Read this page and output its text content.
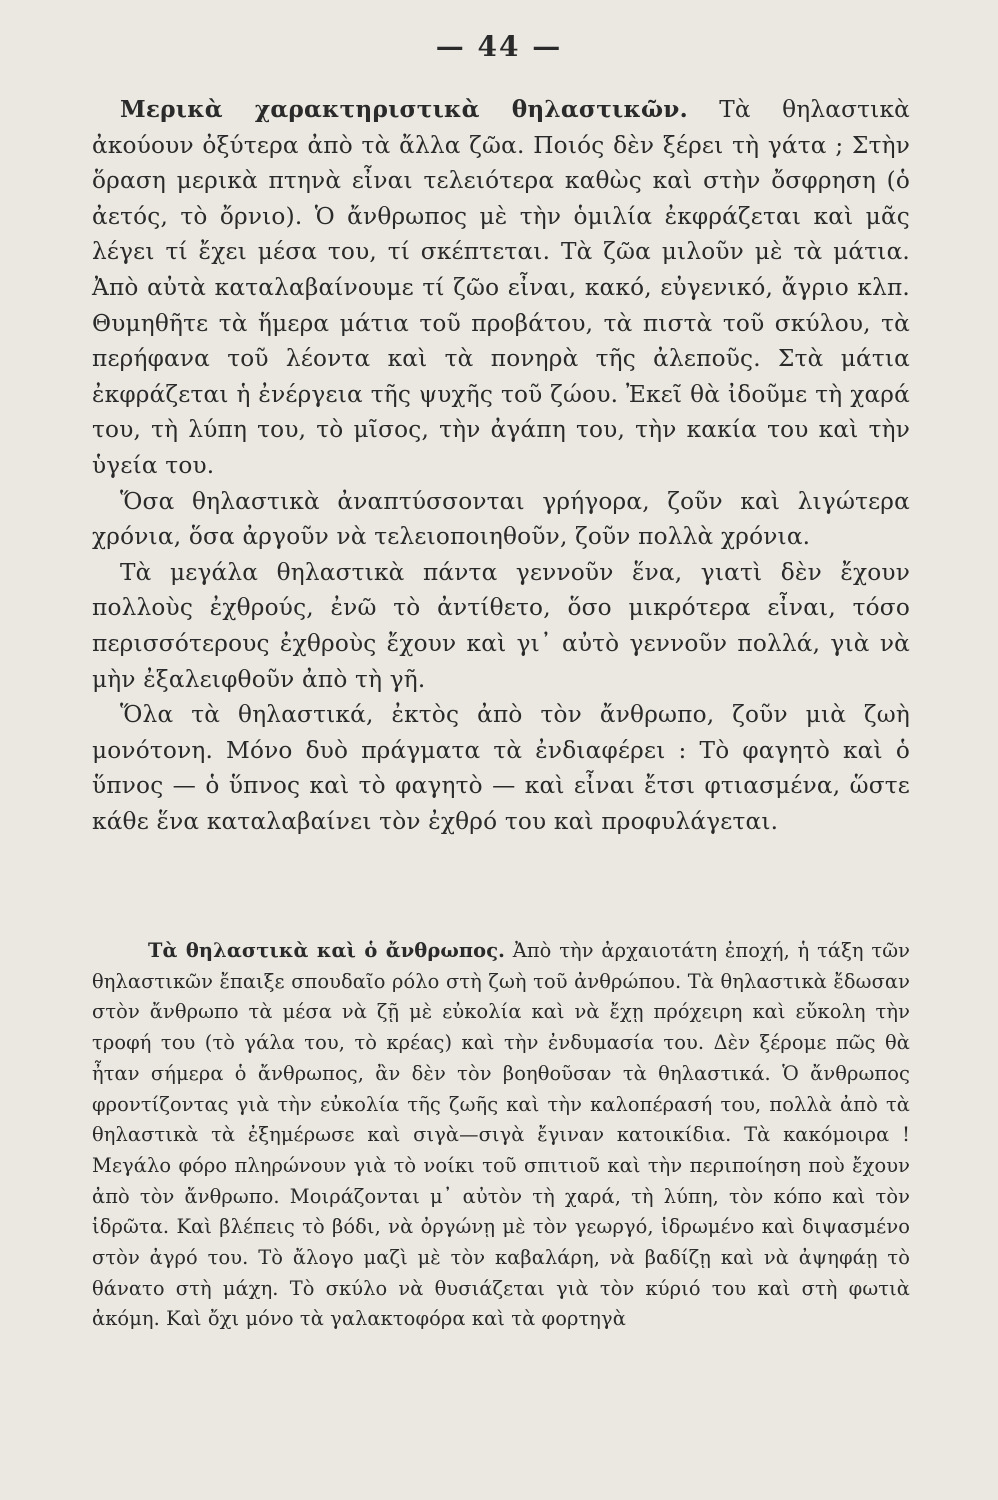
— 44 —

Μερικὰ χαρακτηριστικὰ θηλαστικῶν. Τὰ θηλαστικὰ ἀκούουν ὀξύτερα ἀπὸ τὰ ἄλλα ζῶα. Ποιός δὲν ξέρει τὴ γάτα ; Στὴν ὅραση μερικὰ πτηνὰ εἶναι τελειότερα καθὼς καὶ στὴν ὄσφρηση (ὁ ἀετός, τὸ ὄρνιο). Ὁ ἄνθρωπος μὲ τὴν ὁμιλία ἐκφράζεται καὶ μᾶς λέγει τί ἔχει μέσα του, τί σκέπτεται. Τὰ ζῶα μιλοῦν μὲ τὰ μάτια. Ἀπὸ αὐτὰ καταλαβαίνουμε τί ζῶο εἶναι, κακό, εὐγενικό, ἄγριο κλπ. Θυμηθῆτε τὰ ἥμερα μάτια τοῦ προβάτου, τὰ πιστὰ τοῦ σκύλου, τὰ περήφανα τοῦ λέοντα καὶ τὰ πονηρὰ τῆς ἀλεποῦς. Στὰ μάτια ἐκφράζεται ἡ ἐνέργεια τῆς ψυχῆς τοῦ ζώου. Ἐκεῖ θὰ ἰδοῦμε τὴ χαρά του, τὴ λύπη του, τὸ μῖσος, τὴν ἀγάπη του, τὴν κακία του καὶ τὴν ὑγεία του.

Ὅσα θηλαστικὰ ἀναπτύσσονται γρήγορα, ζοῦν καὶ λιγώτερα χρόνια, ὅσα ἀργοῦν νὰ τελειοποιηθοῦν, ζοῦν πολλὰ χρόνια.

Τὰ μεγάλα θηλαστικὰ πάντα γεννοῦν ἕνα, γιατὶ δὲν ἔχουν πολλοὺς ἐχθρούς, ἐνῶ τὸ ἀντίθετο, ὅσο μικρότερα εἶναι, τόσο περισσότερους ἐχθροὺς ἔχουν καὶ γι᾽ αὐτὸ γεννοῦν πολλά, γιὰ νὰ μὴν ἐξαλειφθοῦν ἀπὸ τὴ γῆ.

Ὅλα τὰ θηλαστικά, ἐκτὸς ἀπὸ τὸν ἄνθρωπο, ζοῦν μιὰ ζωὴ μονότονη. Μόνο δυὸ πράγματα τὰ ἐνδιαφέρει : Τὸ φαγητὸ καὶ ὁ ὕπνος — ὁ ὕπνος καὶ τὸ φαγητὸ — καὶ εἶναι ἔτσι φτιασμένα, ὥστε κάθε ἕνα καταλαβαίνει τὸν ἐχθρό του καὶ προφυλάγεται.

Τὰ θηλαστικὰ καὶ ὁ ἄνθρωπος. Ἀπὸ τὴν ἀρχαιοτάτη ἐποχή, ἡ τάξη τῶν θηλαστικῶν ἔπαιξε σπουδαῖο ρόλο στὴ ζωὴ τοῦ ἀνθρώπου. Τὰ θηλαστικὰ ἔδωσαν στὸν ἄνθρωπο τὰ μέσα νὰ ζῇ μὲ εὐκολία καὶ νὰ ἔχῃ πρόχειρη καὶ εὔκολη τὴν τροφή του (τὸ γάλα του, τὸ κρέας) καὶ τὴν ἐνδυμασία του. Δὲν ξέρομε πῶς θὰ ἦταν σήμερα ὁ ἄνθρωπος, ἂν δὲν τὸν βοηθοῦσαν τὰ θηλαστικά. Ὁ ἄνθρωπος φροντίζοντας γιὰ τὴν εὐκολία τῆς ζωῆς καὶ τὴν καλοπέρασή του, πολλὰ ἀπὸ τὰ θηλαστικὰ τὰ ἐξημέρωσε καὶ σιγὰ—σιγὰ ἔγιναν κατοικίδια. Τὰ κακόμοιρα ! Μεγάλο φόρο πληρώνουν γιὰ τὸ νοίκι τοῦ σπιτιοῦ καὶ τὴν περιποίηση ποὺ ἔχουν ἀπὸ τὸν ἄνθρωπο. Μοιράζονται μ᾽ αὐτὸν τὴ χαρά, τὴ λύπη, τὸν κόπο καὶ τὸν ἱδρῶτα. Καὶ βλέπεις τὸ βόδι, νὰ ὀργώνῃ μὲ τὸν γεωργό, ἱδρωμένο καὶ διψασμένο στὸν ἀγρό του. Τὸ ἄλογο μαζὶ μὲ τὸν καβαλάρη, νὰ βαδίζῃ καὶ νὰ ἀψηφάῃ τὸ θάνατο στὴ μάχη. Τὸ σκύλο νὰ θυσιάζεται γιὰ τὸν κύριό του καὶ στὴ φωτιὰ ἀκόμη. Καὶ ὄχι μόνο τὰ γαλακτοφόρα καὶ τὰ φορτηγὰ
